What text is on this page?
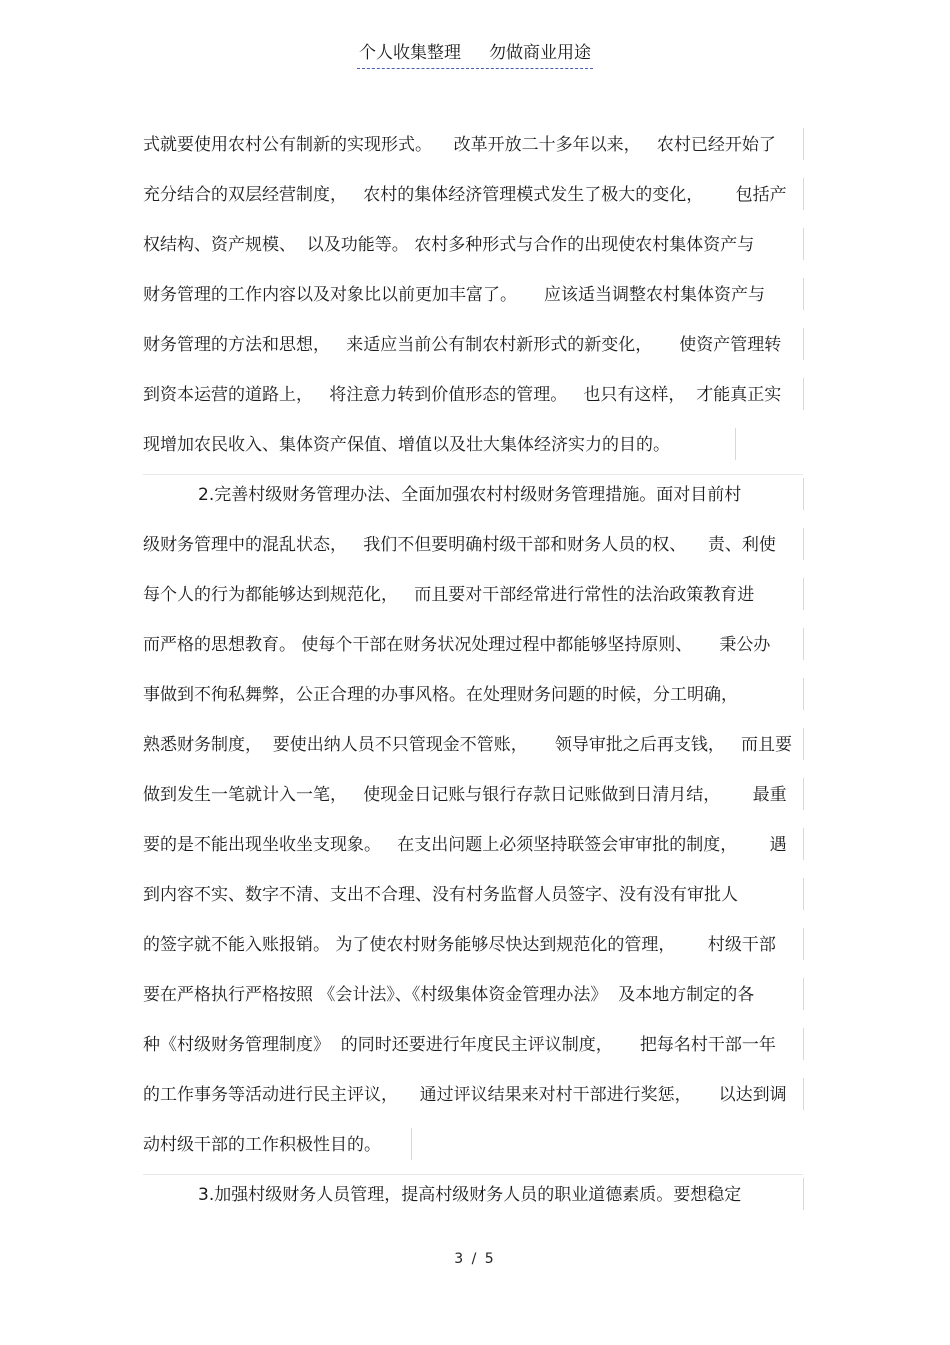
个人收集整理 勿做商业用途
式就要使用农村公有制新的实现形式。    改革开放二十多年以来，   农村已经开始了
充分结合的双层经营制度，   农村的集体经济管理模式发生了极大的变化，      包括产
权结构、资产规模、  以及功能等。 农村多种形式与合作的出现使农村集体资产与
财务管理的工作内容以及对象比以前更加丰富了。     应该适当调整农村集体资产与
财务管理的方法和思想，   来适应当前公有制农村新形式的新变化，     使资产管理转
到资本运营的道路上，   将注意力转到价值形态的管理。   也只有这样，  才能真正实
现增加农民收入、集体资产保值、增值以及壮大集体经济实力的目的。
2.完善村级财务管理办法、全面加强农村村级财务管理措施。面对目前村
级财务管理中的混乱状态，   我们不但要明确村级干部和财务人员的权、    责、利使
每个人的行为都能够达到规范化，   而且要对干部经常进行常性的法治政策教育进
而严格的思想教育。 使每个干部在财务状况处理过程中都能够坚持原则、     秉公办
事做到不徇私舞弊，公正合理的办事风格。在处理财务问题的时候，分工明确，
熟悉财务制度，  要使出纳人员不只管现金不管账，     领导审批之后再支钱，   而且要
做到发生一笔就计入一笔，   使现金日记账与银行存款日记账做到日清月结，      最重
要的是不能出现坐收坐支现象。   在支出问题上必须坚持联签会审审批的制度，      遇
到内容不实、数字不清、支出不合理、没有村务监督人员签字、没有没有审批人
的签字就不能入账报销。 为了使农村财务能够尽快达到规范化的管理，      村级干部
要在严格执行严格按照 《会计法》、《村级集体资金管理办法》  及本地方制定的各
种《村级财务管理制度》  的同时还要进行年度民主评议制度，     把每名村干部一年
的工作事务等活动进行民主评议，    通过评议结果来对村干部进行奖惩，     以达到调
动村级干部的工作积极性目的。
3.加强村级财务人员管理，提高村级财务人员的职业道德素质。要想稳定
3 / 5
